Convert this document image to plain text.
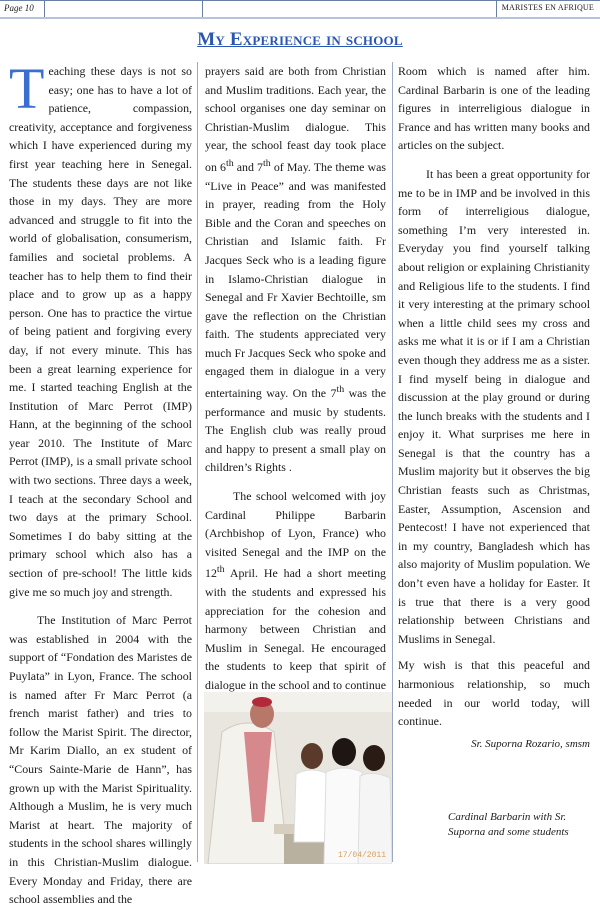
Page 10	MARISTES EN AFRIQUE
My Experience in school

Teaching these days is not so easy; one has to have a lot of patience, compassion, creativity, acceptance and forgiveness which I have experienced during my first year teaching here in Senegal. The students these days are not like those in my days. They are more advanced and struggle to fit into the world of globalisation, consumerism, families and societal problems. A teacher has to help them to find their place and to grow up as a happy person. One has to practice the virtue of being patient and forgiving every day, if not every minute. This has been a great learning experience for me. I started teaching English at the Institution of Marc Perrot (IMP) Hann, at the beginning of the school year 2010. The Institute of Marc Perrot (IMP), is a small private school with two sections. Three days a week, I teach at the secondary School and two days at the primary School. Sometimes I do baby sitting at the primary school which also has a section of pre-school! The little kids give me so much joy and strength.

The Institution of Marc Perrot was established in 2004 with the support of “Fondation des Maristes de Puylata” in Lyon, France. The school is named after Fr Marc Perrot (a french marist father) and tries to follow the Marist Spirit. The director, Mr Karim Diallo, an ex student of “Cours Sainte-Marie de Hann”, has grown up with the Marist Spirituality. Although a Muslim, he is very much Marist at heart. The majority of students in the school shares willingly in this Christian-Muslim dialogue. Every Monday and Friday, there are school assemblies and the

prayers said are both from Christian and Muslim traditions. Each year, the school organises one day seminar on Christian-Muslim dialogue. This year, the school feast day took place on 6th and 7th of May. The theme was “Live in Peace” and was manifested in prayer, reading from the Holy Bible and the Coran and speeches on Christian and Islamic faith. Fr Jacques Seck who is a leading figure in Islamo-Christian dialogue in Senegal and Fr Xavier Bechtoille, sm gave the reflection on the Christian faith. The students appreciated very much Fr Jacques Seck who spoke and engaged them in dialogue in a very entertaining way. On the 7th was the performance and music by students. The English club was really proud and happy to present a small play on children’s Rights .

The school welcomed with joy Cardinal Philippe Barbarin (Archbishop of Lyon, France) who visited Senegal and the IMP on the 12th April. He had a short meeting with the students and expressed his appreciation for the cohesion and harmony between Christian and Muslim in Senegal. He encouraged the students to keep that spirit of dialogue in the school and to continue

Room which is named after him. Cardinal Barbarin is one of the leading figures in interreligious dialogue in France and has written many books and articles on the subject.

It has been a great opportunity for me to be in IMP and be involved in this form of interreligious dialogue, something I’m very interested in. Everyday you find yourself talking about religion or explaining Christianity and Religious life to the students. I find it very interesting at the primary school when a little child sees my cross and asks me what it is or if I am a Christian even though they address me as a sister. I find myself being in dialogue and discussion at the play ground or during the lunch breaks with the students and I enjoy it. What surprises me here in Senegal is that the country has a Muslim majority but it observes the big Christian feasts such as Christmas, Easter, Assumption, Ascension and Pentecost! I have not experienced that in my country, Bangladesh which has also majority of Muslim population. We don’t even have a holiday for Easter. It is true that there is a very good relationship between Christians and Muslims in Senegal.

My wish is that this peaceful and harmonious relationship, so much needed in our world today, will continue.

Sr. Suporna Rozario, smsm

17/04/2011
Cardinal Barbarin with Sr. Suporna and some students
